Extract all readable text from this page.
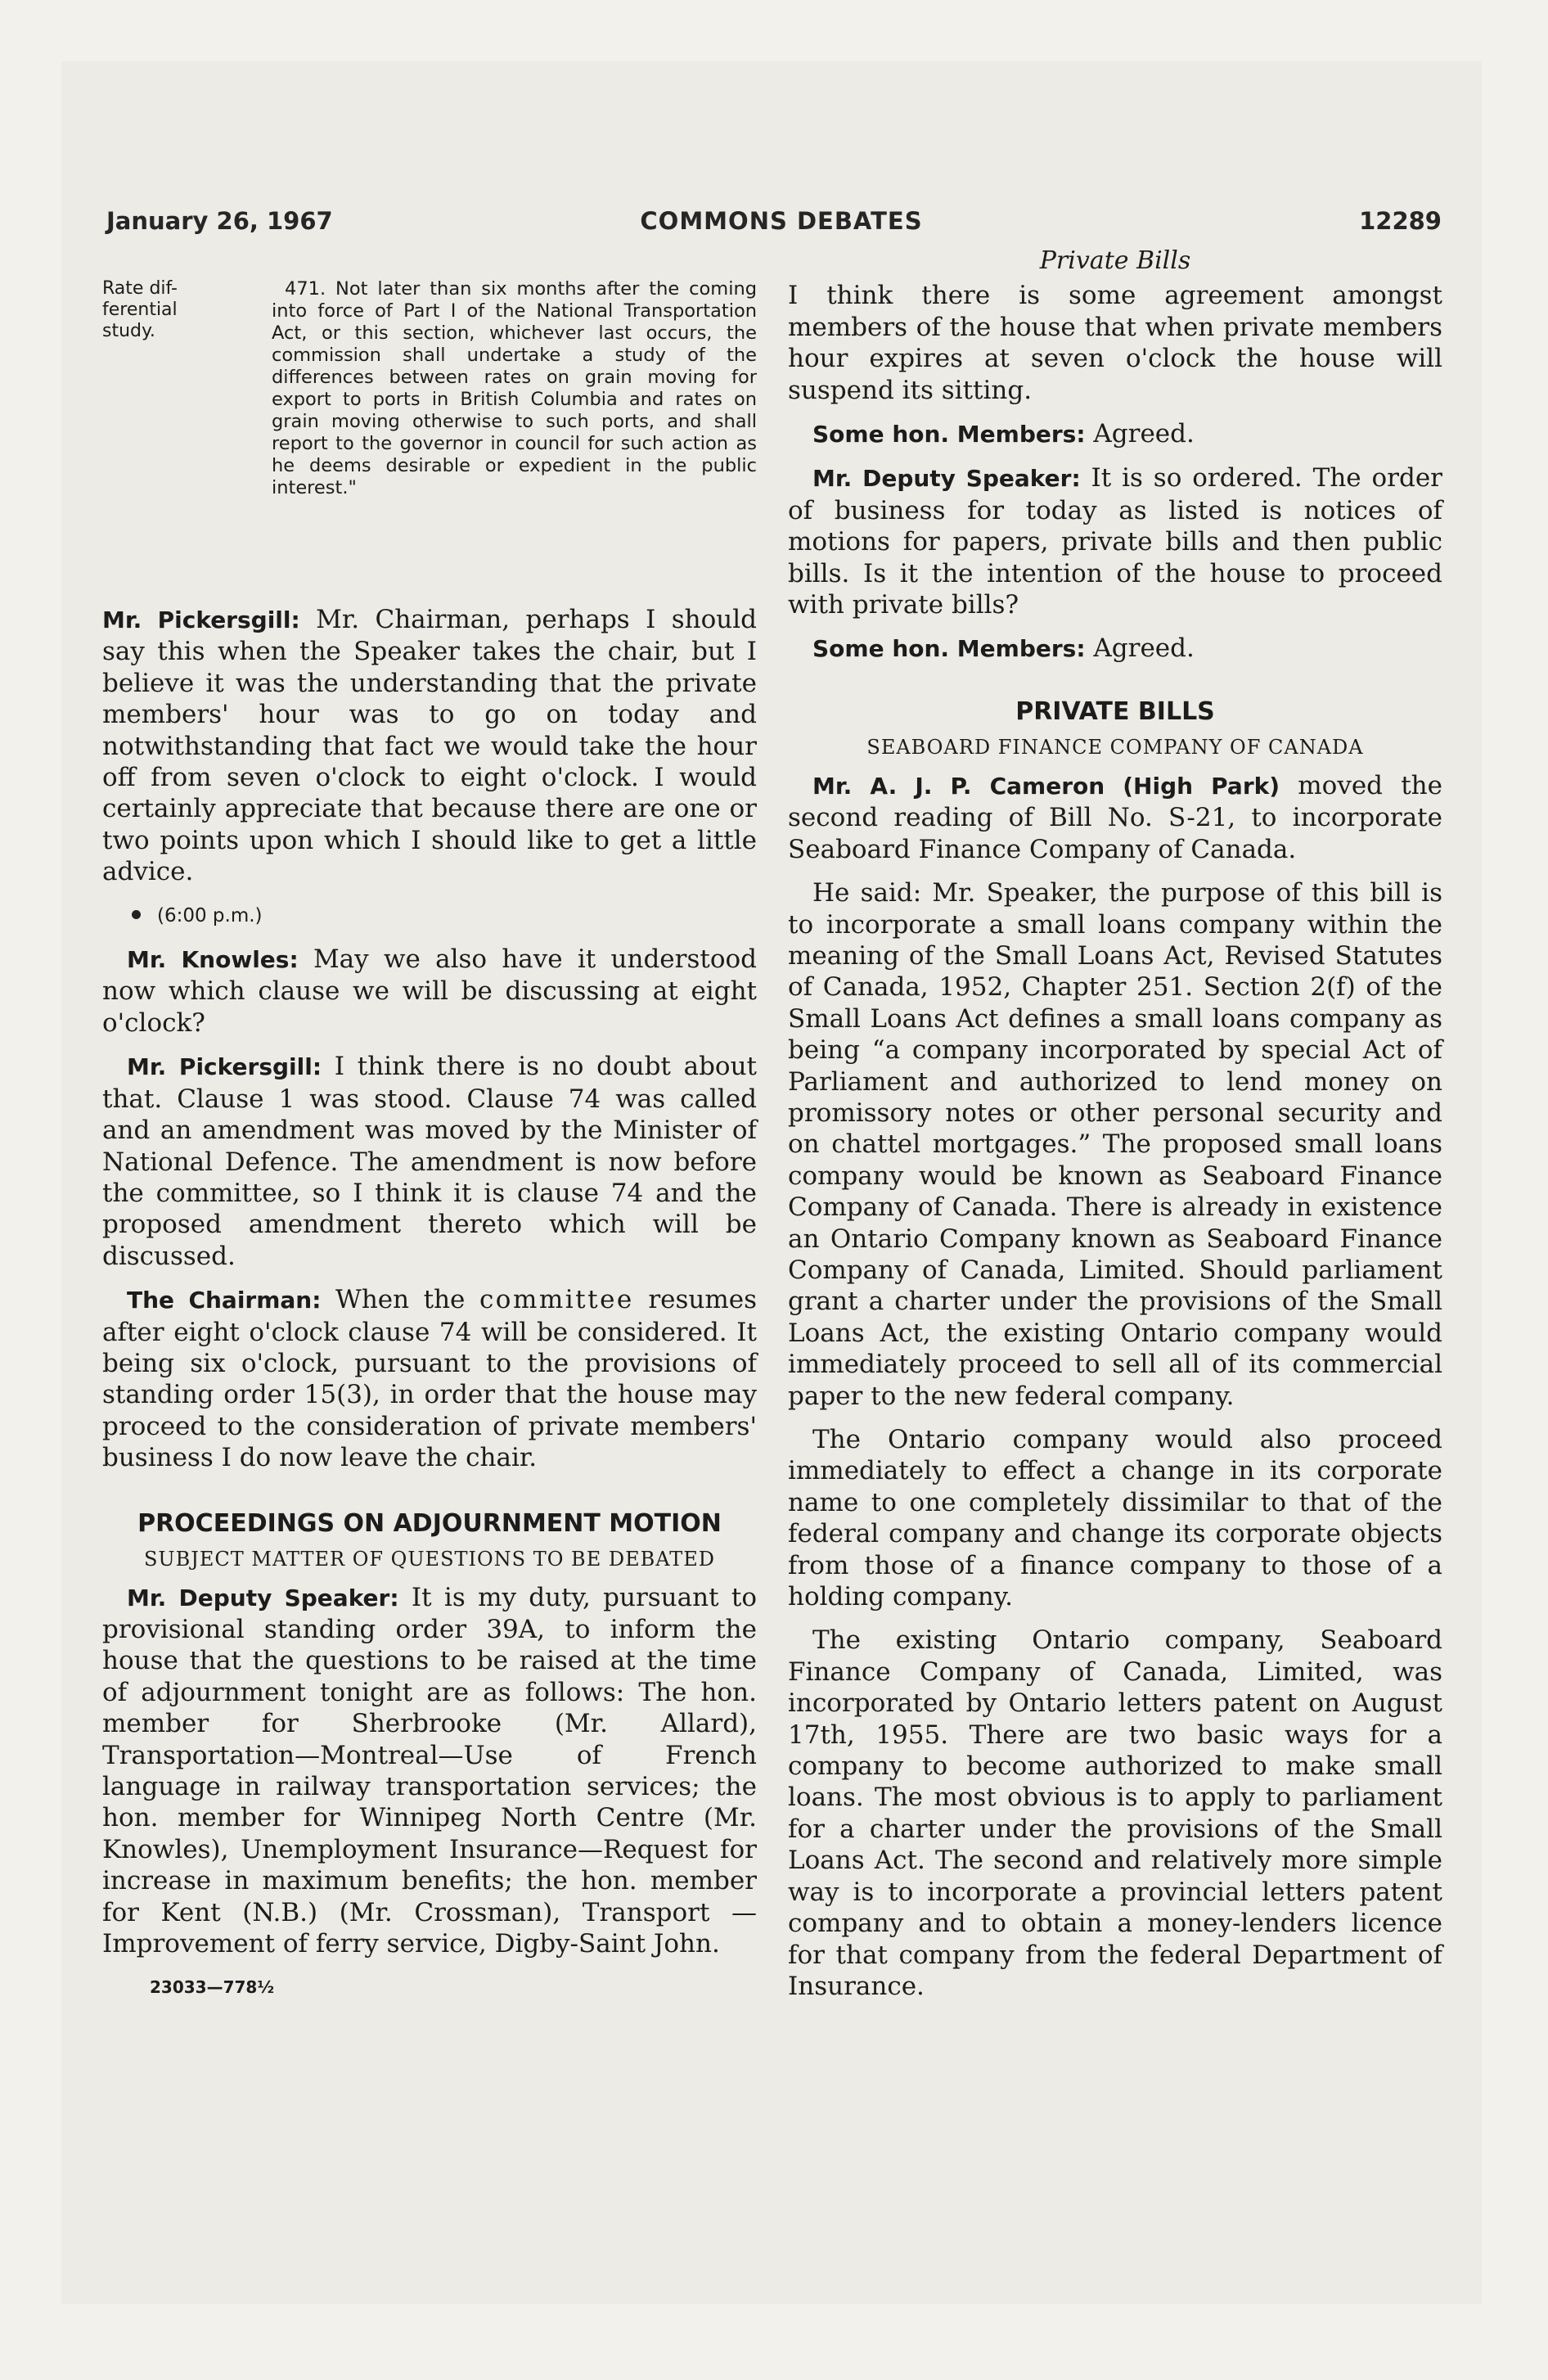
January 26, 1967	COMMONS DEBATES	12289
Rate dif-
ferential
study.
471. Not later than six months after the coming into force of Part I of the National Transportation Act, or this section, whichever last occurs, the commission shall undertake a study of the differences between rates on grain moving for export to ports in British Columbia and rates on grain moving otherwise to such ports, and shall report to the governor in council for such action as he deems desirable or expedient in the public interest."

Mr. Pickersgill: Mr. Chairman, perhaps I should say this when the Speaker takes the chair, but I believe it was the understanding that the private members' hour was to go on today and notwithstanding that fact we would take the hour off from seven o'clock to eight o'clock. I would certainly appreciate that because there are one or two points upon which I should like to get a little advice.

(6:00 p.m.)

Mr. Knowles: May we also have it understood now which clause we will be discussing at eight o'clock?

Mr. Pickersgill: I think there is no doubt about that. Clause 1 was stood. Clause 74 was called and an amendment was moved by the Minister of National Defence. The amendment is now before the committee, so I think it is clause 74 and the proposed amendment thereto which will be discussed.

The Chairman: When the committee resumes after eight o'clock clause 74 will be considered. It being six o'clock, pursuant to the provisions of standing order 15(3), in order that the house may proceed to the consideration of private members' business I do now leave the chair.

PROCEEDINGS ON ADJOURNMENT MOTION
SUBJECT MATTER OF QUESTIONS TO BE DEBATED

Mr. Deputy Speaker: It is my duty, pursuant to provisional standing order 39A, to inform the house that the questions to be raised at the time of adjournment tonight are as follows: The hon. member for Sherbrooke (Mr. Allard), Transportation—Montreal—Use of French language in railway transportation services; the hon. member for Winnipeg North Centre (Mr. Knowles), Unemployment Insurance—Request for increase in maximum benefits; the hon. member for Kent (N.B.) (Mr. Crossman), Transport —Improvement of ferry service, Digby-Saint John.

23033—778½
Private Bills

I think there is some agreement amongst members of the house that when private members hour expires at seven o'clock the house will suspend its sitting.

Some hon. Members: Agreed.

Mr. Deputy Speaker: It is so ordered. The order of business for today as listed is notices of motions for papers, private bills and then public bills. Is it the intention of the house to proceed with private bills?

Some hon. Members: Agreed.

PRIVATE BILLS
SEABOARD FINANCE COMPANY OF CANADA

Mr. A. J. P. Cameron (High Park) moved the second reading of Bill No. S-21, to incorporate Seaboard Finance Company of Canada.

He said: Mr. Speaker, the purpose of this bill is to incorporate a small loans company within the meaning of the Small Loans Act, Revised Statutes of Canada, 1952, Chapter 251. Section 2(f) of the Small Loans Act defines a small loans company as being “a company incorporated by special Act of Parliament and authorized to lend money on promissory notes or other personal security and on chattel mortgages.” The proposed small loans company would be known as Seaboard Finance Company of Canada. There is already in existence an Ontario Company known as Seaboard Finance Company of Canada, Limited. Should parliament grant a charter under the provisions of the Small Loans Act, the existing Ontario company would immediately proceed to sell all of its commercial paper to the new federal company.

The Ontario company would also proceed immediately to effect a change in its corporate name to one completely dissimilar to that of the federal company and change its corporate objects from those of a finance company to those of a holding company.

The existing Ontario company, Seaboard Finance Company of Canada, Limited, was incorporated by Ontario letters patent on August 17th, 1955. There are two basic ways for a company to become authorized to make small loans. The most obvious is to apply to parliament for a charter under the provisions of the Small Loans Act. The second and relatively more simple way is to incorporate a provincial letters patent company and to obtain a money-lenders licence for that company from the federal Department of Insurance.
